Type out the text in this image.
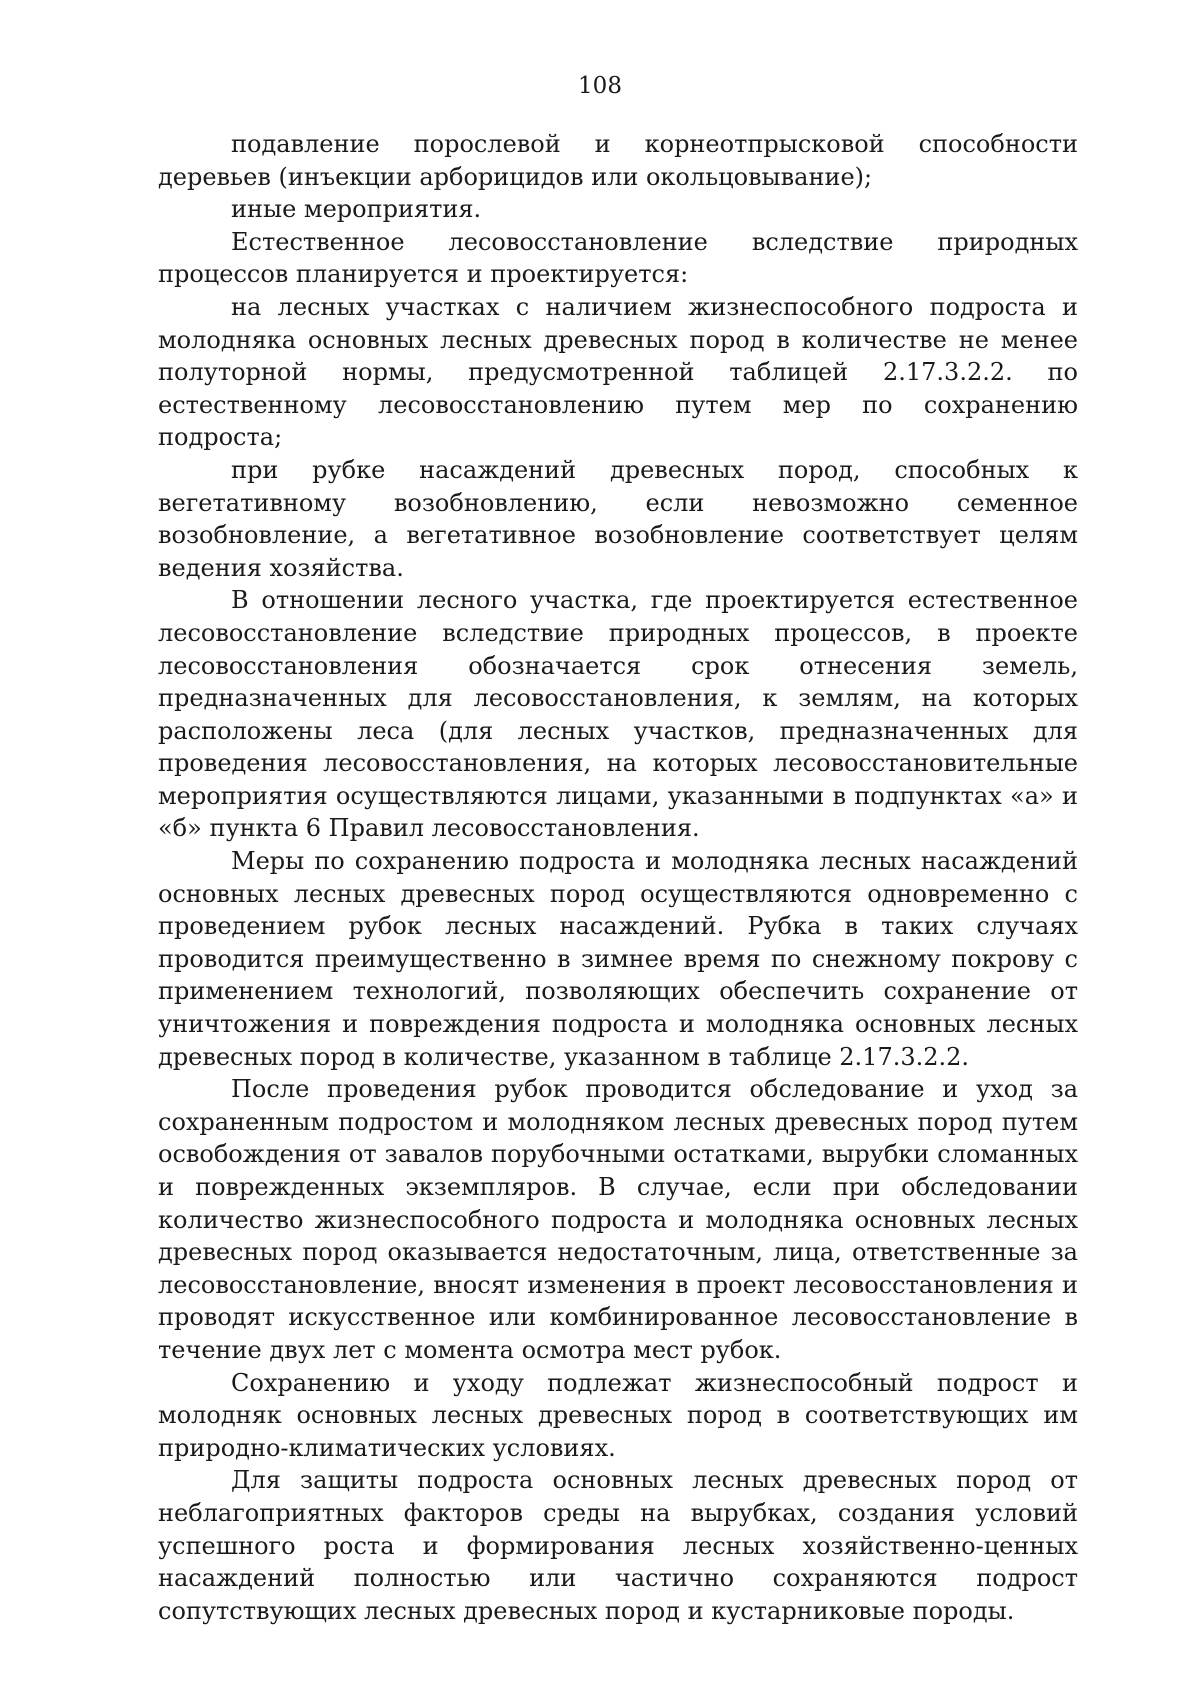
108

подавление порослевой и корнеотпрысковой способности деревьев (инъекции арборицидов или окольцовывание);

иные мероприятия.

Естественное лесовосстановление вследствие природных процессов планируется и проектируется:

на лесных участках с наличием жизнеспособного подроста и молодняка основных лесных древесных пород в количестве не менее полуторной нормы, предусмотренной таблицей 2.17.3.2.2. по естественному лесовосстановлению путем мер по сохранению подроста;

при рубке насаждений древесных пород, способных к вегетативному возобновлению, если невозможно семенное возобновление, а вегетативное возобновление соответствует целям ведения хозяйства.

В отношении лесного участка, где проектируется естественное лесовосстановление вследствие природных процессов, в проекте лесовосстановления обозначается срок отнесения земель, предназначенных для лесовосстановления, к землям, на которых расположены леса (для лесных участков, предназначенных для проведения лесовосстановления, на которых лесовосстановительные мероприятия осуществляются лицами, указанными в подпунктах «а» и «б» пункта 6 Правил лесовосстановления.

Меры по сохранению подроста и молодняка лесных насаждений основных лесных древесных пород осуществляются одновременно с проведением рубок лесных насаждений. Рубка в таких случаях проводится преимущественно в зимнее время по снежному покрову с применением технологий, позволяющих обеспечить сохранение от уничтожения и повреждения подроста и молодняка основных лесных древесных пород в количестве, указанном в таблице 2.17.3.2.2.

После проведения рубок проводится обследование и уход за сохраненным подростом и молодняком лесных древесных пород путем освобождения от завалов порубочными остатками, вырубки сломанных и поврежденных экземпляров. В случае, если при обследовании количество жизнеспособного подроста и молодняка основных лесных древесных пород оказывается недостаточным, лица, ответственные за лесовосстановление, вносят изменения в проект лесовосстановления и проводят искусственное или комбинированное лесовосстановление в течение двух лет с момента осмотра мест рубок.

Сохранению и уходу подлежат жизнеспособный подрост и молодняк основных лесных древесных пород в соответствующих им природно-климатических условиях.

Для защиты подроста основных лесных древесных пород от неблагоприятных факторов среды на вырубках, создания условий успешного роста и формирования лесных хозяйственно-ценных насаждений полностью или частично сохраняются подрост сопутствующих лесных древесных пород и кустарниковые породы.
